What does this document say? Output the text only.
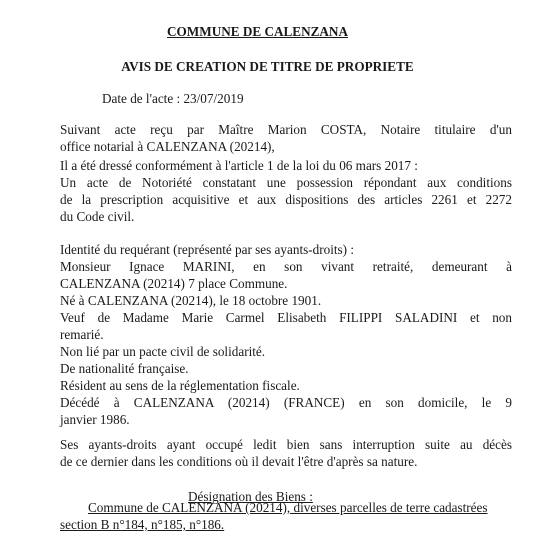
COMMUNE DE CALENZANA
AVIS DE CREATION DE TITRE DE PROPRIETE
Date de l'acte : 23/07/2019

Suivant acte reçu par Maître Marion COSTA, Notaire titulaire d'un

office notarial à CALENZANA (20214),

Il a été dressé conformément à l'article 1 de la loi du 06 mars 2017 :

Un acte de Notoriété constatant une possession répondant aux conditions

de la prescription acquisitive et aux dispositions des articles 2261 et 2272

du Code civil.

Identité du requérant (représenté par ses ayants-droits) :

Monsieur Ignace MARINI, en son vivant retraité, demeurant à

CALENZANA (20214) 7 place Commune.

Né à CALENZANA (20214), le 18 octobre 1901.

Veuf de Madame Marie Carmel Elisabeth FILIPPI SALADINI et non

remarié.

Non lié par un pacte civil de solidarité.

De nationalité française.

Résident au sens de la réglementation fiscale.

Décédé à CALENZANA (20214) (FRANCE) en son domicile, le 9

janvier 1986.

Ses ayants-droits ayant occupé ledit bien sans interruption suite au décès

de ce dernier dans les conditions où il devait l'être d'après sa nature.

Désignation des Biens :
Commune de CALENZANA (20214), diverses parcelles de terre cadastrées
section B n°184, n°185, n°186.
